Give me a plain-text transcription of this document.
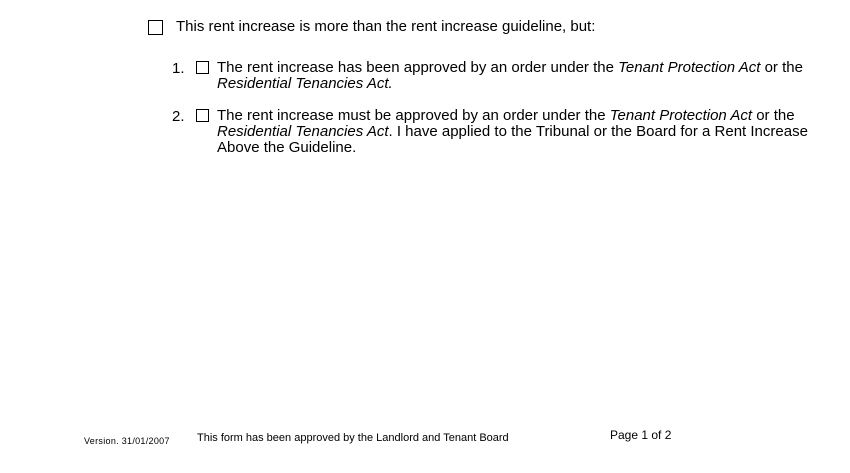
This rent increase is more than the rent increase guideline, but:
1. The rent increase has been approved by an order under the Tenant Protection Act or the
Residential Tenancies Act.
2. The rent increase must be approved by an order under the Tenant Protection Act or the
Residential Tenancies Act. I have applied to the Tribunal or the Board for a Rent Increase
Above the Guideline.
Version. 31/01/2007 This form has been approved by the Landlord and Tenant Board	Page 1 of 2
